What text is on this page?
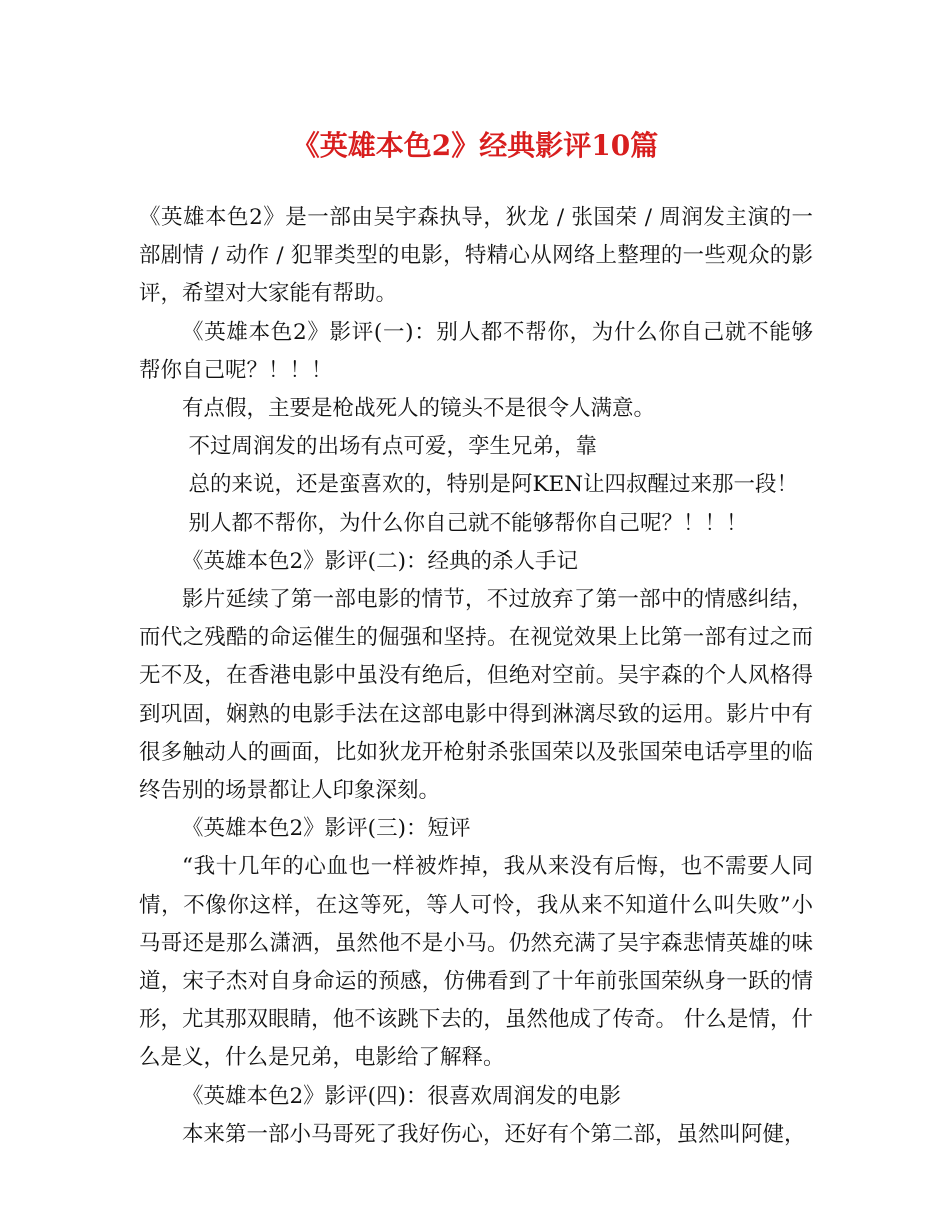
《英雄本色2》经典影评10篇

《英雄本色2》是一部由吴宇森执导，狄龙 / 张国荣 / 周润发主演的一部剧情 / 动作 / 犯罪类型的电影，特精心从网络上整理的一些观众的影评，希望对大家能有帮助。

《英雄本色2》影评(一)：别人都不帮你，为什么你自己就不能够帮你自己呢？！！！

有点假，主要是枪战死人的镜头不是很令人满意。

不过周润发的出场有点可爱，孪生兄弟，靠

总的来说，还是蛮喜欢的，特别是阿KEN让四叔醒过来那一段！

别人都不帮你，为什么你自己就不能够帮你自己呢？！！！

《英雄本色2》影评(二)：经典的杀人手记

影片延续了第一部电影的情节，不过放弃了第一部中的情感纠结，而代之残酷的命运催生的倔强和坚持。在视觉效果上比第一部有过之而无不及，在香港电影中虽没有绝后，但绝对空前。吴宇森的个人风格得到巩固，娴熟的电影手法在这部电影中得到淋漓尽致的运用。影片中有很多触动人的画面，比如狄龙开枪射杀张国荣以及张国荣电话亭里的临终告别的场景都让人印象深刻。

《英雄本色2》影评(三)：短评

“我十几年的心血也一样被炸掉，我从来没有后悔，也不需要人同情，不像你这样，在这等死，等人可怜，我从来不知道什么叫失败”小马哥还是那么潇洒，虽然他不是小马。仍然充满了吴宇森悲情英雄的味道，宋子杰对自身命运的预感，仿佛看到了十年前张国荣纵身一跃的情形，尤其那双眼睛，他不该跳下去的，虽然他成了传奇。 什么是情，什么是义，什么是兄弟，电影给了解释。

《英雄本色2》影评(四)：很喜欢周润发的电影

本来第一部小马哥死了我好伤心，还好有个第二部，虽然叫阿健，
